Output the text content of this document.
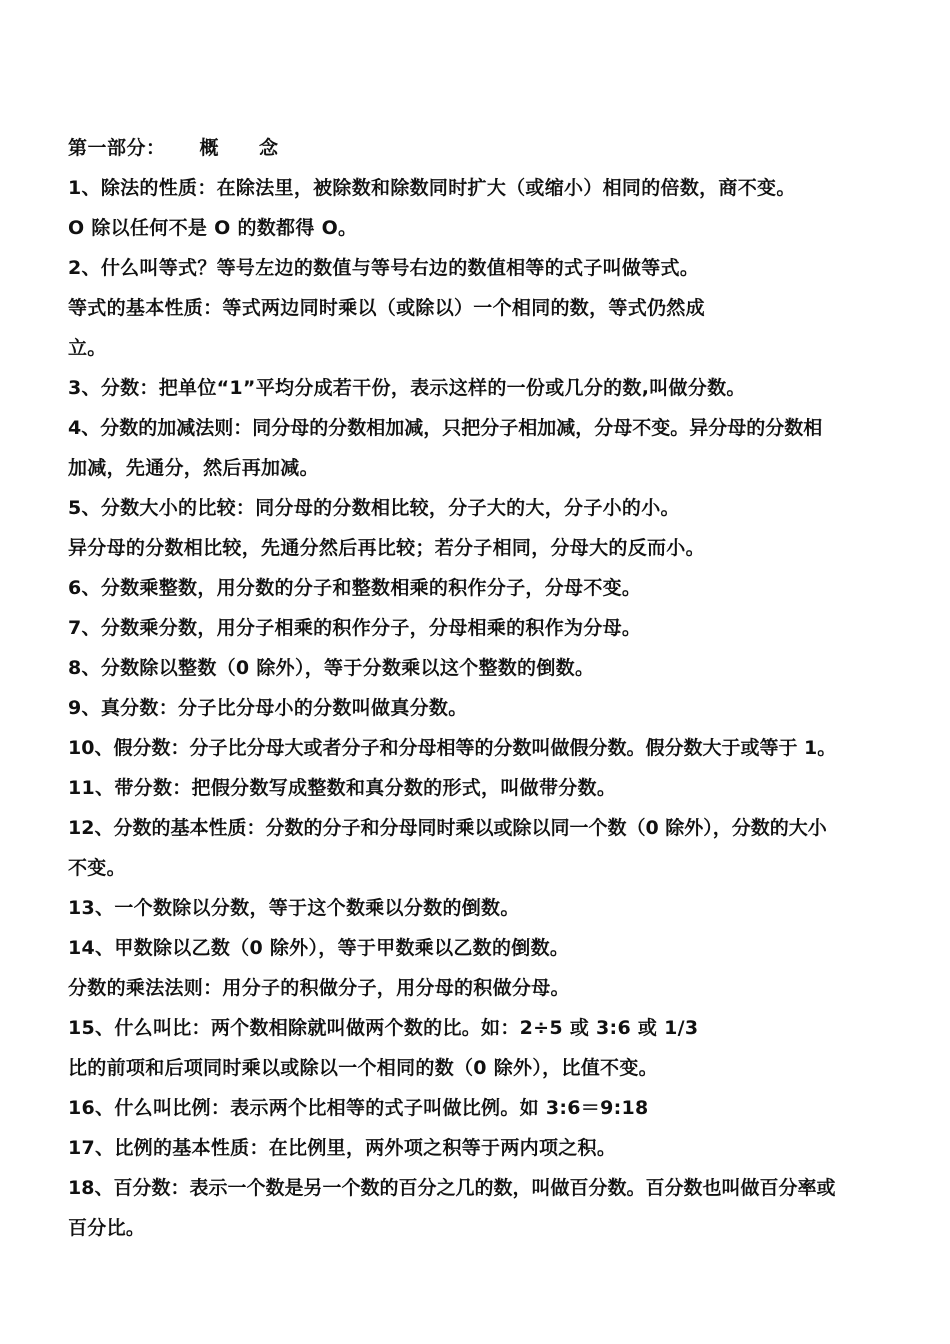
第一部分： 概 念
1、除法的性质：在除法里，被除数和除数同时扩大（或缩小）相同的倍数，商不变。
O 除以任何不是 O 的数都得 O。
2、什么叫等式？等号左边的数值与等号右边的数值相等的式子叫做等式。
等式的基本性质：等式两边同时乘以（或除以）一个相同的数，等式仍然成
立。
3、分数：把单位“1”平均分成若干份，表示这样的一份或几分的数,叫做分数。
4、分数的加减法则：同分母的分数相加减，只把分子相加减，分母不变。异分母的分数相
加减，先通分，然后再加减。
5、分数大小的比较：同分母的分数相比较，分子大的大，分子小的小。
异分母的分数相比较，先通分然后再比较；若分子相同，分母大的反而小。
6、分数乘整数，用分数的分子和整数相乘的积作分子，分母不变。
7、分数乘分数，用分子相乘的积作分子，分母相乘的积作为分母。
8、分数除以整数（0 除外），等于分数乘以这个整数的倒数。
9、真分数：分子比分母小的分数叫做真分数。
10、假分数：分子比分母大或者分子和分母相等的分数叫做假分数。假分数大于或等于 1。
11、带分数：把假分数写成整数和真分数的形式，叫做带分数。
12、分数的基本性质：分数的分子和分母同时乘以或除以同一个数（0 除外），分数的大小
不变。
13、一个数除以分数，等于这个数乘以分数的倒数。
14、甲数除以乙数（0 除外），等于甲数乘以乙数的倒数。
分数的乘法法则：用分子的积做分子，用分母的积做分母。
15、什么叫比：两个数相除就叫做两个数的比。如：2÷5 或 3:6 或 1/3
比的前项和后项同时乘以或除以一个相同的数（0 除外），比值不变。
16、什么叫比例：表示两个比相等的式子叫做比例。如 3:6＝9:18
17、比例的基本性质：在比例里，两外项之积等于两内项之积。
18、百分数：表示一个数是另一个数的百分之几的数，叫做百分数。百分数也叫做百分率或
百分比。
